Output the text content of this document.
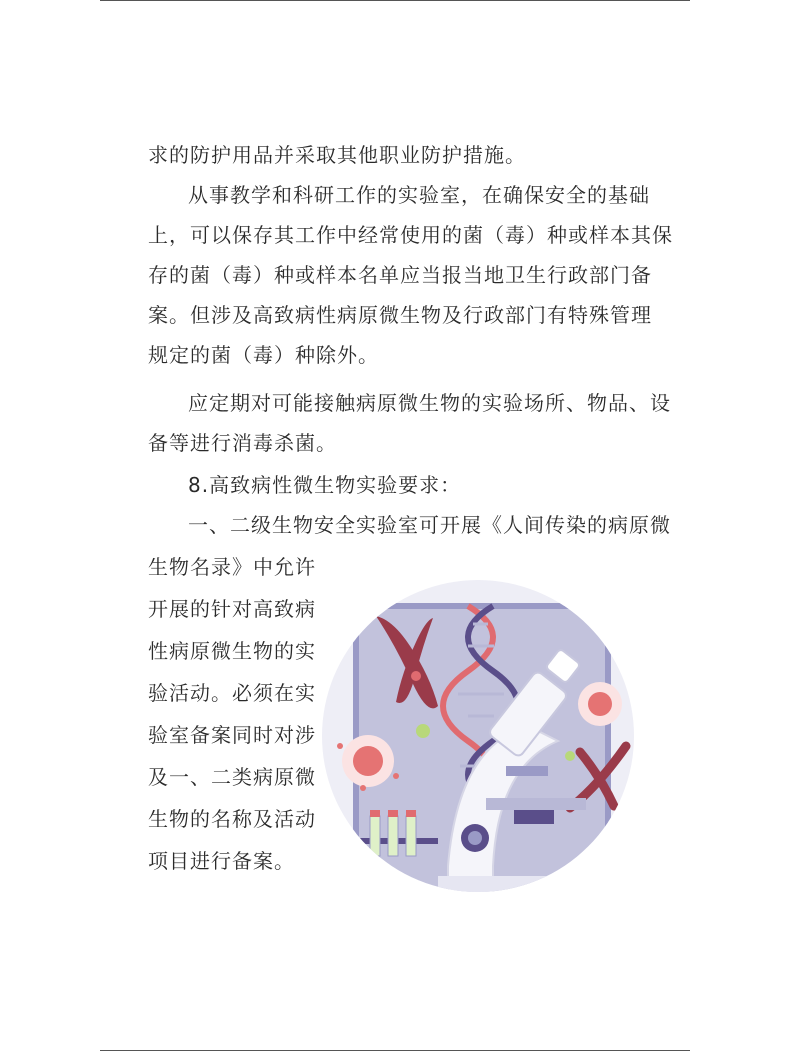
求的防护用品并采取其他职业防护措施。

从事教学和科研工作的实验室，在确保安全的基础

上，可以保存其工作中经常使用的菌（毒）种或样本其保

存的菌（毒）种或样本名单应当报当地卫生行政部门备

案。但涉及高致病性病原微生物及行政部门有特殊管理

规定的菌（毒）种除外。

应定期对可能接触病原微生物的实验场所、物品、设

备等进行消毒杀菌。

8.高致病性微生物实验要求：

一、二级生物安全实验室可开展《人间传染的病原微

生物名录》中允许

开展的针对高致病

性病原微生物的实

验活动。必须在实

验室备案同时对涉

及一、二类病原微

生物的名称及活动

项目进行备案。
